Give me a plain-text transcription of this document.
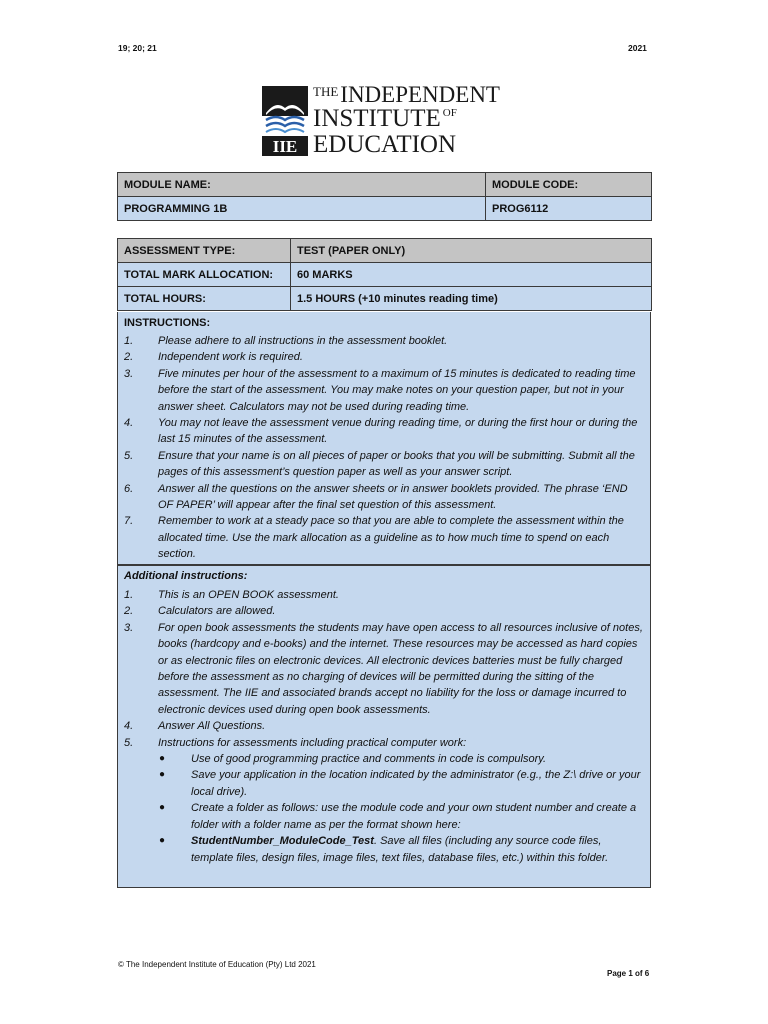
19; 20; 21	2021
IIE
$^{THE}$INDEPENDENT
INSTITUTE $^{OF}$
EDUCATION
MODULE NAME:	MODULE CODE:
PROGRAMMING 1B	PROG6112
ASSESSMENT TYPE:	TEST (PAPER ONLY)
TOTAL MARK ALLOCATION:	60 MARKS
TOTAL HOURS:	1.5 HOURS (+10 minutes reading time)
INSTRUCTIONS:
1. Please adhere to all instructions in the assessment booklet.
2. Independent work is required.
3. Five minutes per hour of the assessment to a maximum of 15 minutes is dedicated to reading time before the start of the assessment. You may make notes on your question paper, but not in your answer sheet. Calculators may not be used during reading time.
4. You may not leave the assessment venue during reading time, or during the first hour or during the last 15 minutes of the assessment.
5. Ensure that your name is on all pieces of paper or books that you will be submitting. Submit all the pages of this assessment’s question paper as well as your answer script.
6. Answer all the questions on the answer sheets or in answer booklets provided. The phrase ‘END OF PAPER’ will appear after the final set question of this assessment.
7. Remember to work at a steady pace so that you are able to complete the assessment within the allocated time. Use the mark allocation as a guideline as to how much time to spend on each section.
Additional instructions:
1. This is an OPEN BOOK assessment.
2. Calculators are allowed.
3. For open book assessments the students may have open access to all resources inclusive of notes, books (hardcopy and e-books) and the internet. These resources may be accessed as hard copies or as electronic files on electronic devices. All electronic devices batteries must be fully charged before the assessment as no charging of devices will be permitted during the sitting of the assessment. The IIE and associated brands accept no liability for the loss or damage incurred to electronic devices used during open book assessments.
4. Answer All Questions.
5. Instructions for assessments including practical computer work:
● Use of good programming practice and comments in code is compulsory.
● Save your application in the location indicated by the administrator (e.g., the Z:\ drive or your local drive).
● Create a folder as follows: use the module code and your own student number and create a folder with a folder name as per the format shown here:
● StudentNumber_ModuleCode_Test. Save all files (including any source code files, template files, design files, image files, text files, database files, etc.) within this folder.
© The Independent Institute of Education (Pty) Ltd 2021
Page 1 of 6
